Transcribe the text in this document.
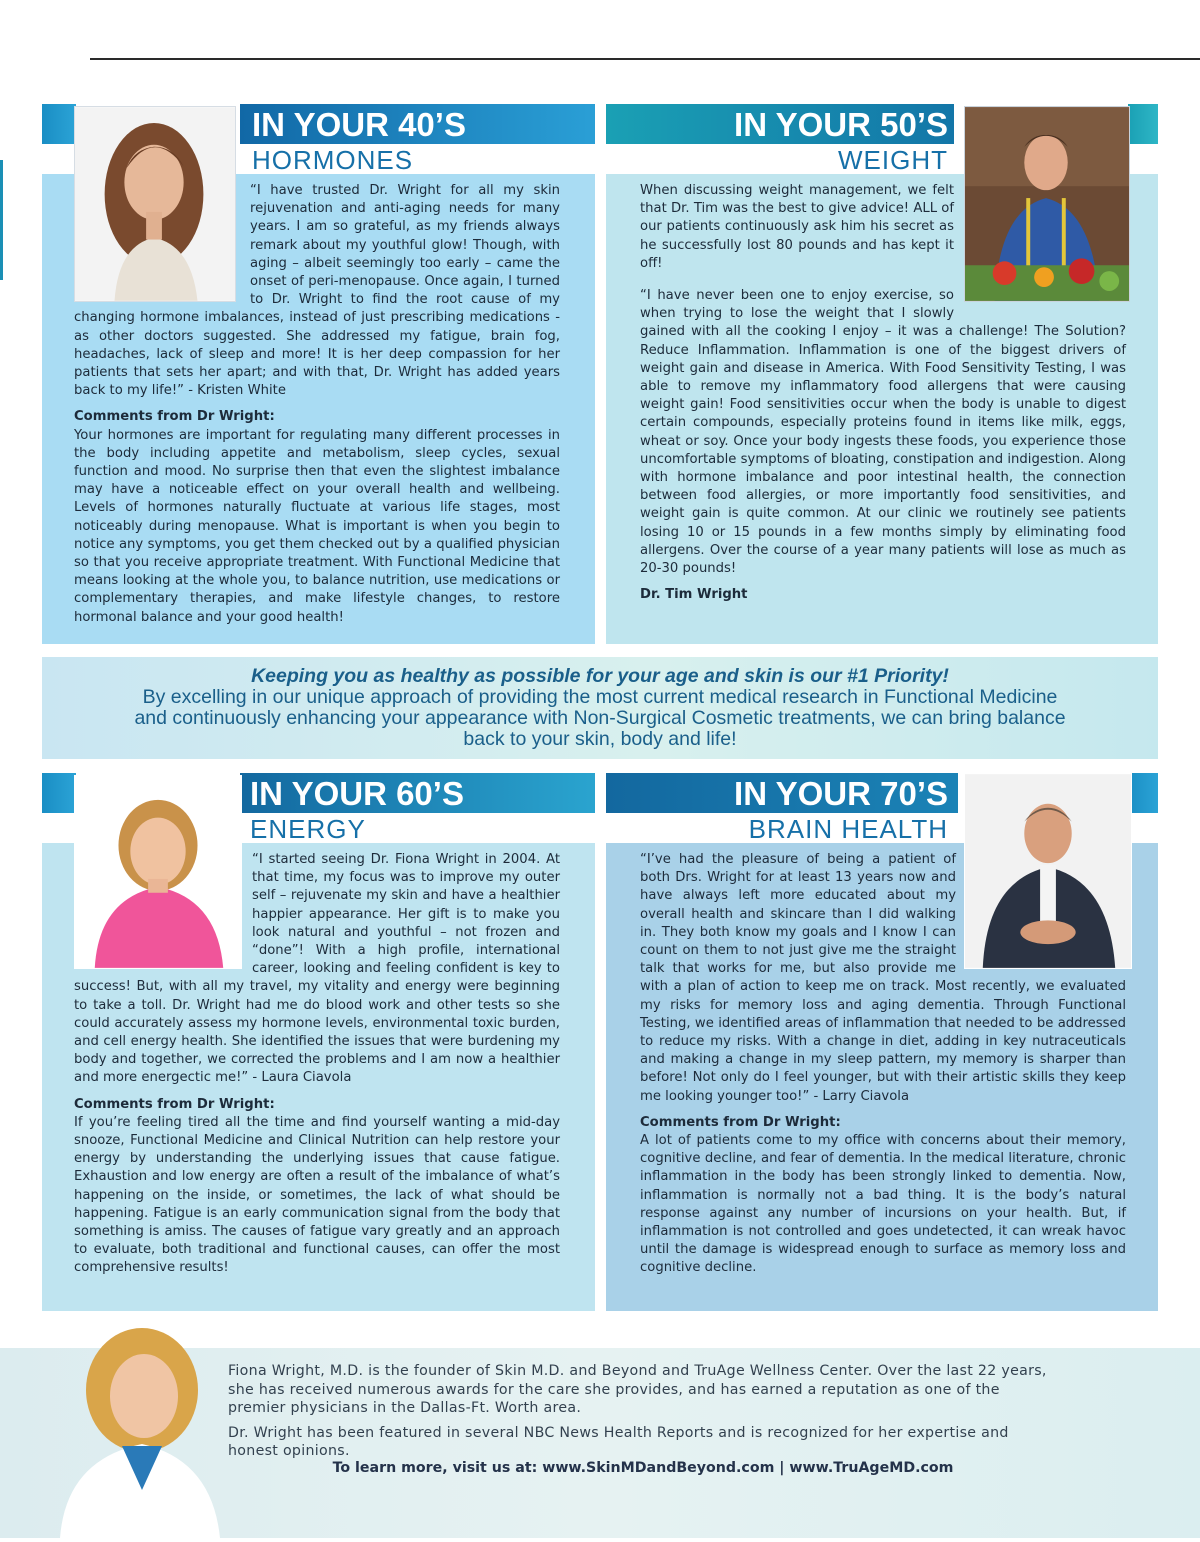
IN YOUR 40’S
HORMONES

“I have trusted Dr. Wright for all my skin rejuvenation and anti-aging needs for many years. I am so grateful, as my friends always remark about my youthful glow! Though, with aging – albeit seemingly too early – came the onset of peri-menopause. Once again, I turned to Dr. Wright to find the root cause of my changing hormone imbalances, instead of just prescribing medications - as other doctors suggested. She addressed my fatigue, brain fog, headaches, lack of sleep and more! It is her deep compassion for her patients that sets her apart; and with that, Dr. Wright has added years back to my life!” - Kristen White

Comments from Dr Wright:

Your hormones are important for regulating many different processes in the body including appetite and metabolism, sleep cycles, sexual function and mood. No surprise then that even the slightest imbalance may have a noticeable effect on your overall health and wellbeing. Levels of hormones naturally fluctuate at various life stages, most noticeably during menopause. What is important is when you begin to notice any symptoms, you get them checked out by a qualified physician so that you receive appropriate treatment. With Functional Medicine that means looking at the whole you, to balance nutrition, use medications or complementary therapies, and make lifestyle changes, to restore hormonal balance and your good health!

IN YOUR 50’S
WEIGHT

When discussing weight management, we felt that Dr. Tim was the best to give advice! ALL of our patients continuously ask him his secret as he successfully lost 80 pounds and has kept it off!

“I have never been one to enjoy exercise, so when trying to lose the weight that I slowly gained with all the cooking I enjoy – it was a challenge! The Solution? Reduce Inflammation. Inflammation is one of the biggest drivers of weight gain and disease in America. With Food Sensitivity Testing, I was able to remove my inflammatory food allergens that were causing weight gain! Food sensitivities occur when the body is unable to digest certain compounds, especially proteins found in items like milk, eggs, wheat or soy. Once your body ingests these foods, you experience those uncomfortable symptoms of bloating, constipation and indigestion. Along with hormone imbalance and poor intestinal health, the connection between food allergies, or more importantly food sensitivities, and weight gain is quite common. At our clinic we routinely see patients losing 10 or 15 pounds in a few months simply by eliminating food allergens. Over the course of a year many patients will lose as much as 20-30 pounds!

Dr. Tim Wright
Keeping you as healthy as possible for your age and skin is our #1 Priority!
By excelling in our unique approach of providing the most current medical research in Functional Medicine and continuously enhancing your appearance with Non-Surgical Cosmetic treatments, we can bring balance back to your skin, body and life!
IN YOUR 60’S
ENERGY

“I started seeing Dr. Fiona Wright in 2004. At that time, my focus was to improve my outer self – rejuvenate my skin and have a healthier happier appearance. Her gift is to make you look natural and youthful – not frozen and “done”! With a high profile, international career, looking and feeling confident is key to success! But, with all my travel, my vitality and energy were beginning to take a toll. Dr. Wright had me do blood work and other tests so she could accurately assess my hormone levels, environmental toxic burden, and cell energy health. She identified the issues that were burdening my body and together, we corrected the problems and I am now a healthier and more energectic me!” - Laura Ciavola

Comments from Dr Wright:

If you’re feeling tired all the time and find yourself wanting a mid-day snooze, Functional Medicine and Clinical Nutrition can help restore your energy by understanding the underlying issues that cause fatigue. Exhaustion and low energy are often a result of the imbalance of what’s happening on the inside, or sometimes, the lack of what should be happening. Fatigue is an early communication signal from the body that something is amiss. The causes of fatigue vary greatly and an approach to evaluate, both traditional and functional causes, can offer the most comprehensive results!

IN YOUR 70’S
BRAIN HEALTH

“I’ve had the pleasure of being a patient of both Drs. Wright for at least 13 years now and have always left more educated about my overall health and skincare than I did walking in. They both know my goals and I know I can count on them to not just give me the straight talk that works for me, but also provide me with a plan of action to keep me on track. Most recently, we evaluated my risks for memory loss and aging dementia. Through Functional Testing, we identified areas of inflammation that needed to be addressed to reduce my risks. With a change in diet, adding in key nutraceuticals and making a change in my sleep pattern, my memory is sharper than before! Not only do I feel younger, but with their artistic skills they keep me looking younger too!” - Larry Ciavola

Comments from Dr Wright:

A lot of patients come to my office with concerns about their memory, cognitive decline, and fear of dementia. In the medical literature, chronic inflammation in the body has been strongly linked to dementia. Now, inflammation is normally not a bad thing. It is the body’s natural response against any number of incursions on your health. But, if inflammation is not controlled and goes undetected, it can wreak havoc until the damage is widespread enough to surface as memory loss and cognitive decline.

Fiona Wright, M.D. is the founder of Skin M.D. and Beyond and TruAge Wellness Center. Over the last 22 years, she has received numerous awards for the care she provides, and has earned a reputation as one of the premier physicians in the Dallas-Ft. Worth area.

Dr. Wright has been featured in several NBC News Health Reports and is recognized for her expertise and honest opinions.

To learn more, visit us at: www.SkinMDandBeyond.com | www.TruAgeMD.com
